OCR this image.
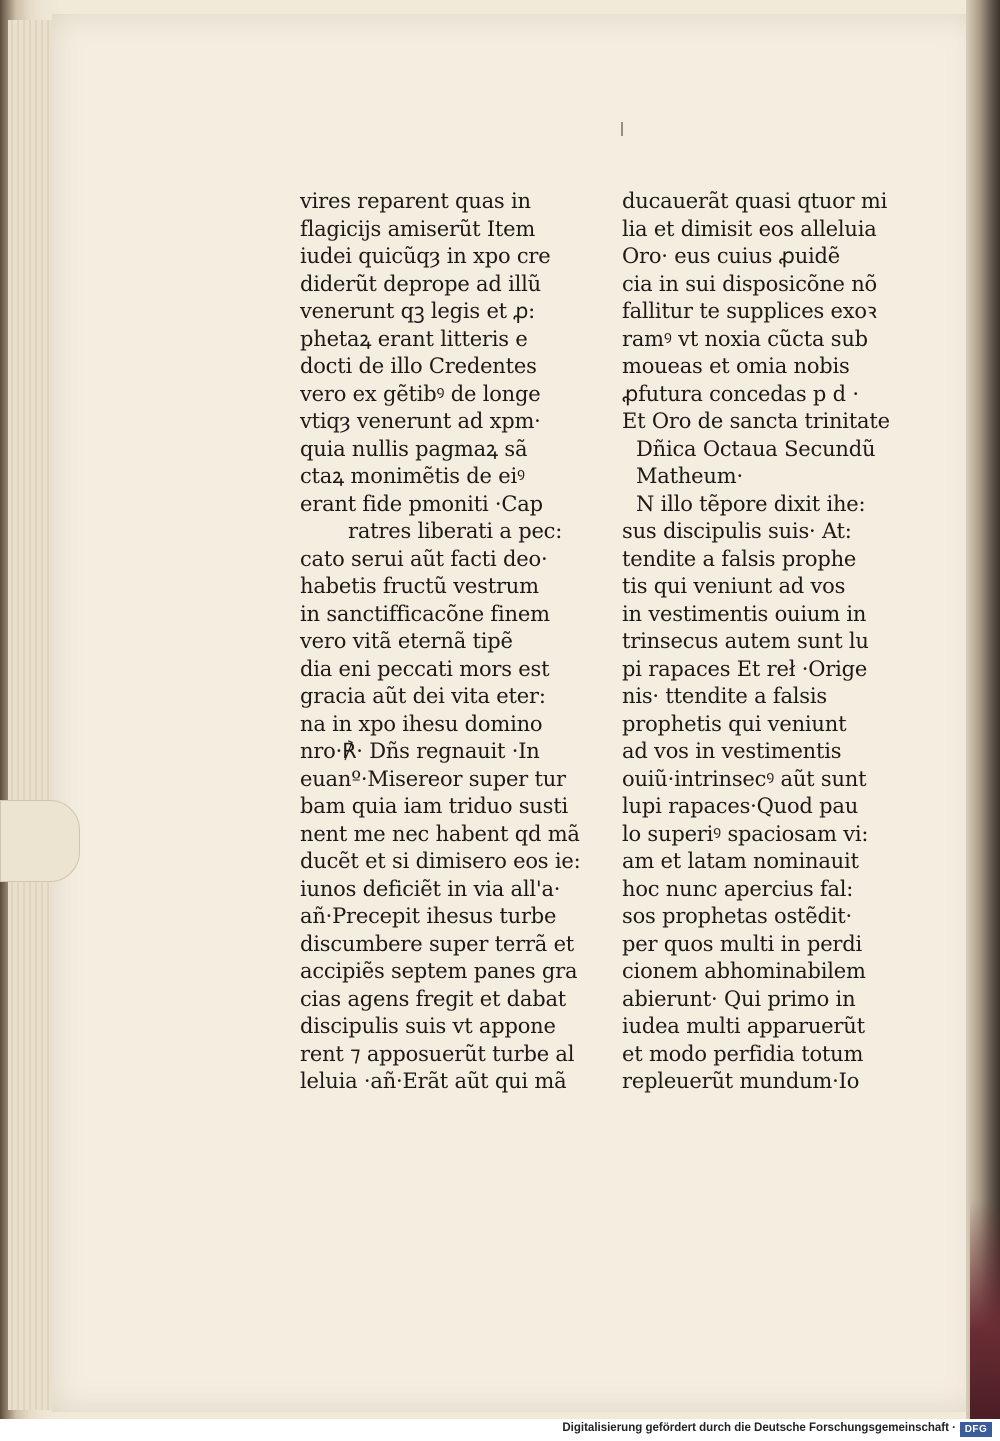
vires reparent quas in
flagicijs amiserũt Item
iudei quicũqȝ in xpo cre
diderũt deprope ad illũ
venerunt qꝫ legis et ꝓ:
phetaꝝ erant litteris e
docti de illo Credentes
vero ex gẽtibꝰ de longe
vtiqȝ venerunt ad xpm·
quia nullis pagmaꝝ sã
ctaꝝ monimẽtis de eiꝰ
erant fide pmoniti ·Cap
ratres liberati a pec:
cato serui aũt facti deo·
habetis fructũ vestrum
in sanctifficacõne finem
vero vitã eternã tipẽ
dia eni peccati mors est
gracia aũt dei vita eter:
na in xpo ihesu domino
nro·℟· Dñs regnauit ·In
euanº·Misereor super tur
bam quia iam triduo susti
nent me nec habent qd mã
ducẽt et si dimisero eos ie:
iunos deficiẽt in via all'a·
añ·Precepit ihesus turbe
discumbere super terrã et
accipiẽs septem panes gra
cias agens fregit et dabat
discipulis suis vt appone
rent ⁊ apposuerũt turbe al
leluia ·añ·Erãt aũt qui mã
ducauerãt quasi qtuor mi
lia et dimisit eos alleluia
Oro· eus cuius ꝓuidẽ
cia in sui disposicõne nõ
fallitur te supplices exoꝛ
ramꝰ vt noxia cũcta sub
moueas et omia nobis
ꝓfutura concedas p d ·
Et Oro de sancta trinitate
Dñica Octaua Secundũ
Matheum·
N illo tẽpore dixit ihe:
sus discipulis suis· At:
tendite a falsis prophe
tis qui veniunt ad vos
in vestimentis ouium in
trinsecus autem sunt lu
pi rapaces Et reł ·Orige
nis· ttendite a falsis
prophetis qui veniunt
ad vos in vestimentis
ouiũ·intrinsecꝰ aũt sunt
lupi rapaces·Quod pau
lo superiꝰ spaciosam vi:
am et latam nominauit
hoc nunc apercius fal:
sos prophetas ostẽdit·
per quos multi in perdi
cionem abhominabilem
abierunt· Qui primo in
iudea multi apparuerũt
et modo perfidia totum
repleuerũt mundum·Io
Digitalisierung gefördert durch die Deutsche Forschungsgemeinschaft · DFG
